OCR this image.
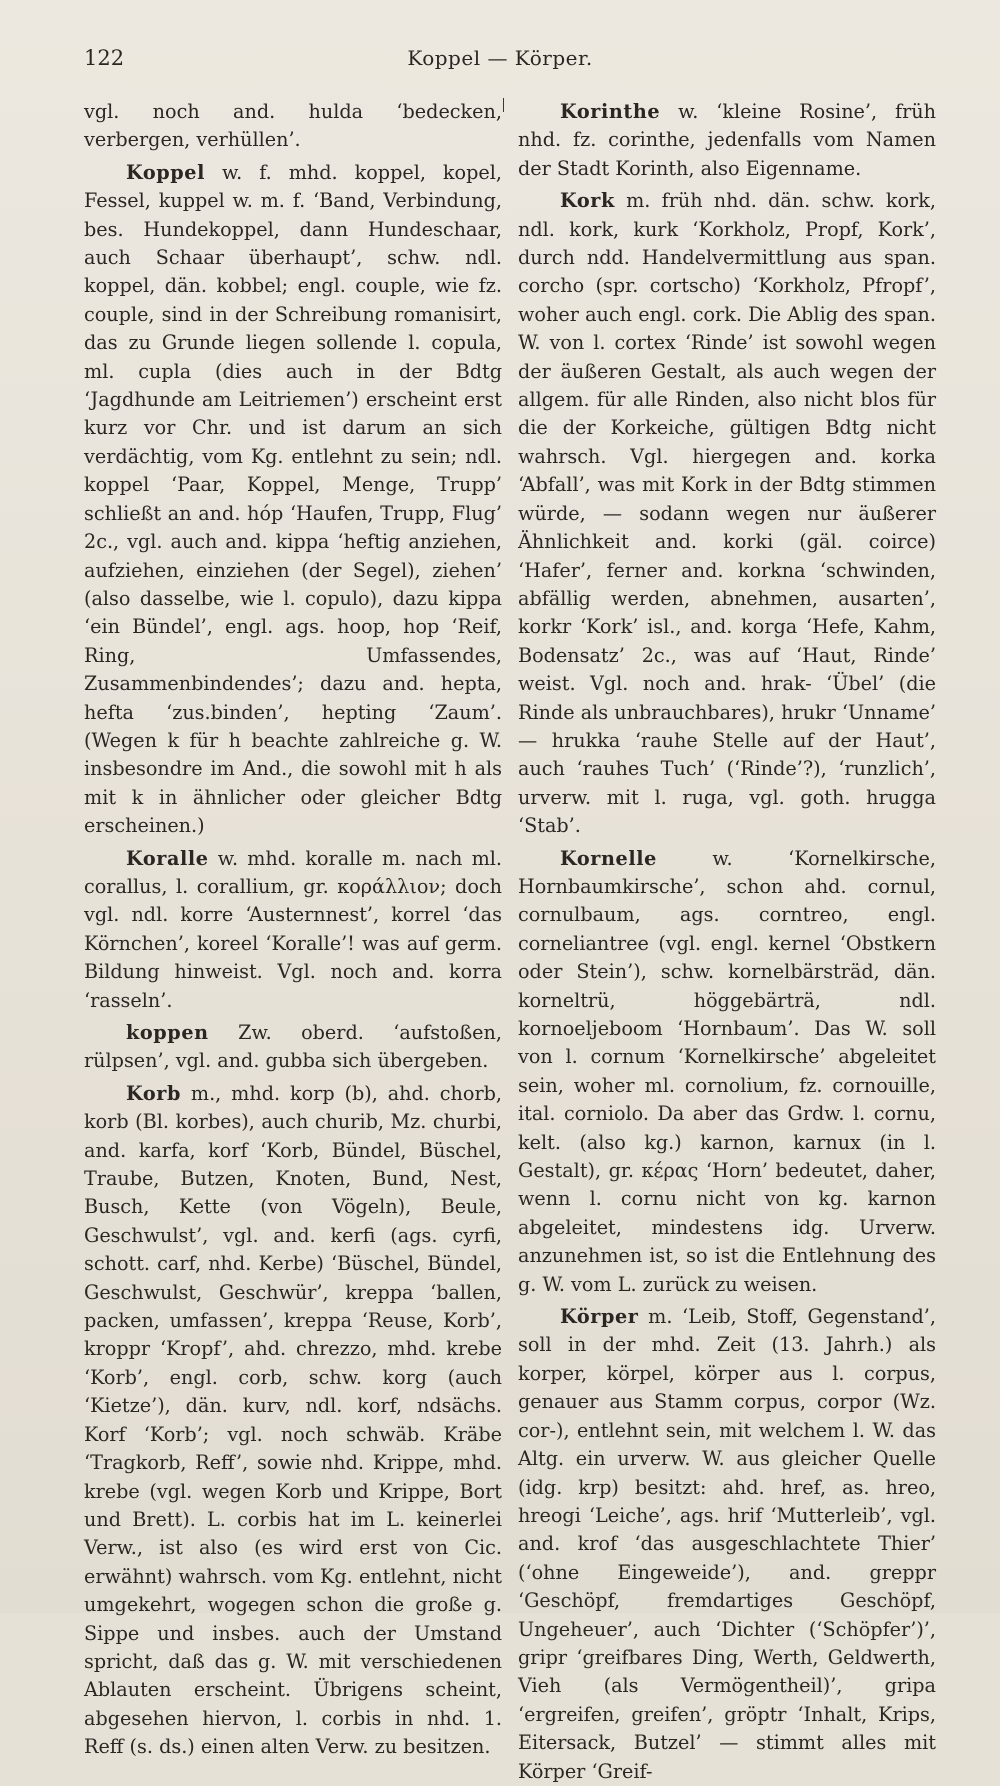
122	Koppel — Körper.

vgl. noch and. hulda ‘bedecken, verbergen, verhüllen’.

Koppel w. f. mhd. koppel, kopel, Fessel, kuppel w. m. f. ‘Band, Verbindung, bes. Hundekoppel, dann Hundeschaar, auch Schaar überhaupt’, schw. ndl. koppel, dän. kobbel; engl. couple, wie fz. couple, sind in der Schreibung romanisirt, das zu Grunde liegen sollende l. copula, ml. cupla (dies auch in der Bdtg ‘Jagdhunde am Leitriemen’) erscheint erst kurz vor Chr. und ist darum an sich verdächtig, vom Kg. entlehnt zu sein; ndl. koppel ‘Paar, Koppel, Menge, Trupp’ schließt an and. hóp ‘Haufen, Trupp, Flug’ 2c., vgl. auch and. kippa ‘heftig anziehen, aufziehen, einziehen (der Segel), ziehen’ (also dasselbe, wie l. copulo), dazu kippa ‘ein Bündel’, engl. ags. hoop, hop ‘Reif, Ring, Umfassendes, Zusammenbindendes’; dazu and. hepta, hefta ‘zus.binden’, hepting ‘Zaum’. (Wegen k für h beachte zahlreiche g. W. insbesondre im And., die sowohl mit h als mit k in ähnlicher oder gleicher Bdtg erscheinen.)

Koralle w. mhd. koralle m. nach ml. corallus, l. corallium, gr. κοράλλιον; doch vgl. ndl. korre ‘Austernnest’, korrel ‘das Körnchen’, koreel ‘Koralle’! was auf germ. Bildung hinweist. Vgl. noch and. korra ‘rasseln’.

koppen Zw. oberd. ‘aufstoßen, rülpsen’, vgl. and. gubba sich übergeben.

Korb m., mhd. korp (b), ahd. chorb, korb (Bl. korbes), auch churib, Mz. churbi, and. karfa, korf ‘Korb, Bündel, Büschel, Traube, Butzen, Knoten, Bund, Nest, Busch, Kette (von Vögeln), Beule, Geschwulst’, vgl. and. kerfi (ags. cyrfi, schott. carf, nhd. Kerbe) ‘Büschel, Bündel, Geschwulst, Geschwür’, kreppa ‘ballen, packen, umfassen’, kreppa ‘Reuse, Korb’, kroppr ‘Kropf’, ahd. chrezzo, mhd. krebe ‘Korb’, engl. corb, schw. korg (auch ‘Kietze’), dän. kurv, ndl. korf, ndsächs. Korf ‘Korb’; vgl. noch schwäb. Kräbe ‘Tragkorb, Reff’, sowie nhd. Krippe, mhd. krebe (vgl. wegen Korb und Krippe, Bort und Brett). L. corbis hat im L. keinerlei Verw., ist also (es wird erst von Cic. erwähnt) wahrsch. vom Kg. entlehnt, nicht umgekehrt, wogegen schon die große g. Sippe und insbes. auch der Umstand spricht, daß das g. W. mit verschiedenen Ablauten erscheint. Übrigens scheint, abgesehen hiervon, l. corbis in nhd. 1. Reff (s. ds.) einen alten Verw. zu besitzen.

Korinthe w. ‘kleine Rosine’, früh nhd. fz. corinthe, jedenfalls vom Namen der Stadt Korinth, also Eigenname.

Kork m. früh nhd. dän. schw. kork, ndl. kork, kurk ‘Korkholz, Propf, Kork’, durch ndd. Handelvermittlung aus span. corcho (spr. cortscho) ‘Korkholz, Pfropf’, woher auch engl. cork. Die Ablig des span. W. von l. cortex ‘Rinde’ ist sowohl wegen der äußeren Gestalt, als auch wegen der allgem. für alle Rinden, also nicht blos für die der Korkeiche, gültigen Bdtg nicht wahrsch. Vgl. hiergegen and. korka ‘Abfall’, was mit Kork in der Bdtg stimmen würde, — sodann wegen nur äußerer Ähnlichkeit and. korki (gäl. coirce) ‘Hafer’, ferner and. korkna ‘schwinden, abfällig werden, abnehmen, ausarten’, korkr ‘Kork’ isl., and. korga ‘Hefe, Kahm, Bodensatz’ 2c., was auf ‘Haut, Rinde’ weist. Vgl. noch and. hrak- ‘Übel’ (die Rinde als unbrauchbares), hrukr ‘Unname’ — hrukka ‘rauhe Stelle auf der Haut’, auch ‘rauhes Tuch’ (‘Rinde’?), ‘runzlich’, urverw. mit l. ruga, vgl. goth. hrugga ‘Stab’.

Kornelle	w. ‘Kornelkirsche, Hornbaumkirsche’, schon ahd. cornul, cornulbaum, ags. corntreo, engl. corneliantree (vgl. engl. kernel ‘Obstkern oder Stein’), schw. kornelbärsträd, dän. korneltrü, höggebärträ, ndl. kornoeljeboom ‘Hornbaum’. Das W. soll von l. cornum ‘Kornelkirsche’ abgeleitet sein, woher ml. cornolium, fz. cornouille, ital. corniolo. Da aber das Grdw. l. cornu, kelt. (also kg.) karnon, karnux (in l. Gestalt), gr. κέρας ‘Horn’ bedeutet, daher, wenn l. cornu nicht von kg. karnon abgeleitet, mindestens idg. Urverw. anzunehmen ist, so ist die Entlehnung des g. W. vom L. zurück zu weisen.

Körper m. ‘Leib, Stoff, Gegenstand’, soll in der mhd. Zeit (13. Jahrh.) als korper, körpel, körper aus l. corpus, genauer aus Stamm corpus, corpor (Wz. cor-), entlehnt sein, mit welchem l. W. das Altg. ein urverw. W. aus gleicher Quelle (idg. krp) besitzt: ahd. href, as. hreo, hreogi ‘Leiche’, ags. hrif ‘Mutterleib’, vgl. and. krof ‘das ausgeschlachtete Thier’ (‘ohne Eingeweide’), and. greppr ‘Geschöpf, fremdartiges Geschöpf, Ungeheuer’, auch ‘Dichter (‘Schöpfer’)’, gripr ‘greifbares Ding, Werth, Geldwerth, Vieh (als Vermögentheil)’, gripa ‘ergreifen, greifen’, gröptr ‘Inhalt, Krips, Eitersack, Butzel’ — stimmt alles mit Körper ‘Greif-
